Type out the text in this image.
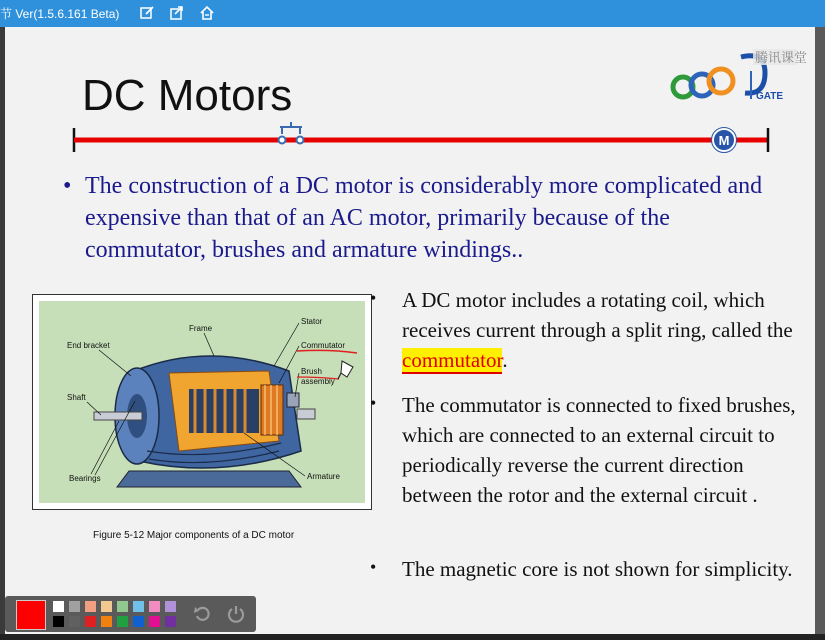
节 Ver(1.5.6.161 Beta)
DC Motors
腾讯课堂
GATE
M
• The construction of a DC motor is considerably more complicated and expensive than that of an AC motor, primarily because of the commutator, brushes and armature windings..
Frame
Stator
End bracket	Commutator
Brush
assembly
Shaft
Bearings	Armature
Figure 5-12 Major components of a DC motor
• A DC motor includes a rotating coil, which receives current through a split ring, called the commutator.
• The commutator is connected to fixed brushes, which are connected to an external circuit to periodically reverse the current direction between the rotor and the external circuit .
• The magnetic core is not shown for simplicity.
